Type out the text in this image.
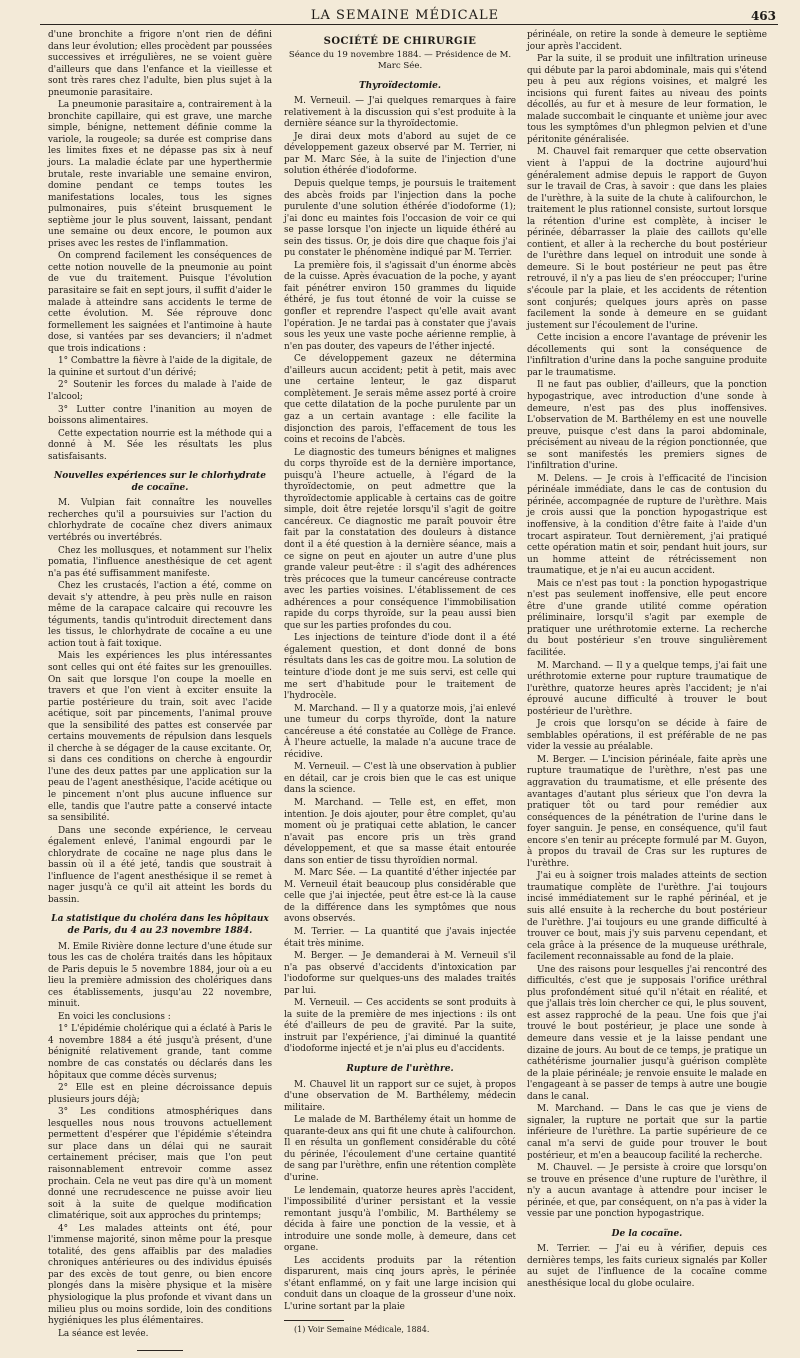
LA SEMAINE MÉDICALE	463

d'une bronchite a frigore n'ont rien de défini dans leur évolution; elles procèdent par poussées successives et irrégulières, ne se voient guère d'ailleurs que dans l'enfance et la vieillesse et sont très rares chez l'adulte, bien plus sujet à la pneumonie parasitaire.

La pneumonie parasitaire a, contrairement à la bronchite capillaire, qui est grave, une marche simple, bénigne, nettement définie comme la variole, la rougeole; sa durée est comprise dans les limites fixes et ne dépasse pas six à neuf jours. La maladie éclate par une hyperthermie brutale, reste invariable une semaine environ, domine pendant ce temps toutes les manifestations locales, tous les signes pulmonaires, puis s'éteint brusquement le septième jour le plus souvent, laissant, pendant une semaine ou deux encore, le poumon aux prises avec les restes de l'inflammation.

On comprend facilement les conséquences de cette notion nouvelle de la pneumonie au point de vue du traitement. Puisque l'évolution parasitaire se fait en sept jours, il suffit d'aider le malade à atteindre sans accidents le terme de cette évolution. M. Sée réprouve donc formellement les saignées et l'antimoine à haute dose, si vantées par ses devanciers; il n'admet que trois indications :

1° Combattre la fièvre à l'aide de la digitale, de la quinine et surtout d'un dérivé;

2° Soutenir les forces du malade à l'aide de l'alcool;

3° Lutter contre l'inanition au moyen de boissons alimentaires.

Cette expectation nourrie est la méthode qui a donné à M. Sée les résultats les plus satisfaisants.

Nouvelles expériences sur le chlorhydrate de cocaïne.

M. Vulpian fait connaître les nouvelles recherches qu'il a poursuivies sur l'action du chlorhydrate de cocaïne chez divers animaux vertébrés ou invertébrés.

Chez les mollusques, et notamment sur l'helix pomatia, l'influence anesthésique de cet agent n'a pas été suffisamment manifeste.

Chez les crustacés, l'action a été, comme on devait s'y attendre, à peu près nulle en raison même de la carapace calcaire qui recouvre les téguments, tandis qu'introduit directement dans les tissus, le chlorhydrate de cocaïne a eu une action tout à fait toxique.

Mais les expériences les plus intéressantes sont celles qui ont été faites sur les grenouilles. On sait que lorsque l'on coupe la moelle en travers et que l'on vient à exciter ensuite la partie postérieure du train, soit avec l'acide acétique, soit par pincements, l'animal prouve que la sensibilité des pattes est conservée par certains mouvements de répulsion dans lesquels il cherche à se dégager de la cause excitante. Or, si dans ces conditions on cherche à engourdir l'une des deux pattes par une application sur la peau de l'agent anesthésique, l'acide acétique ou le pincement n'ont plus aucune influence sur elle, tandis que l'autre patte a conservé intacte sa sensibilité.

Dans une seconde expérience, le cerveau également enlevé, l'animal engourdi par le chlorydrate de cocaïne ne nage plus dans le bassin où il a été jeté, tandis que soustrait à l'influence de l'agent anesthésique il se remet à nager jusqu'à ce qu'il ait atteint les bords du bassin.

La statistique du choléra dans les hôpitaux de Paris, du 4 au 23 novembre 1884.

M. Emile Rivière donne lecture d'une étude sur tous les cas de choléra traités dans les hôpitaux de Paris depuis le 5 novembre 1884, jour où a eu lieu la première admission des cholériques dans ces établissements, jusqu'au 22 novembre, minuit.

En voici les conclusions :

1° L'épidémie cholérique qui a éclaté à Paris le 4 novembre 1884 a été jusqu'à présent, d'une bénignité relativement grande, tant comme nombre de cas constatés ou déclarés dans les hôpitaux que comme décès survenus;

2° Elle est en pleine décroissance depuis plusieurs jours déjà;

3° Les conditions atmosphériques dans lesquelles nous nous trouvons actuellement permettent d'espérer que l'épidémie s'éteindra sur place dans un délai qui ne saurait certainement préciser, mais que l'on peut raisonnablement entrevoir comme assez prochain. Cela ne veut pas dire qu'à un moment donné une recrudescence ne puisse avoir lieu soit à la suite de quelque modification climatérique, soit aux approches du printemps;

4° Les malades atteints ont été, pour l'immense majorité, sinon même pour la presque totalité, des gens affaiblis par des maladies chroniques antérieures ou des individus épuisés par des excès de tout genre, ou bien encore plongés dans la misère physique et la misère physiologique la plus profonde et vivant dans un milieu plus ou moins sordide, loin des conditions hygiéniques les plus élémentaires.

La séance est levée.

SOCIÉTÉ DE CHIRURGIE
Séance du 19 novembre 1884. — Présidence de M. Marc Sée.
Thyroïdectomie.

M. Verneuil. — J'ai quelques remarques à faire relativement à la discussion qui s'est produite à la dernière séance sur la thyroïdectomie.

Je dirai deux mots d'abord au sujet de ce développement gazeux observé par M. Terrier, ni par M. Marc Sée, à la suite de l'injection d'une solution éthérée d'iodoforme.

Depuis quelque temps, je poursuis le traitement des abcès froids par l'injection dans la poche purulente d'une solution éthérée d'iodoforme (1); j'ai donc eu maintes fois l'occasion de voir ce qui se passe lorsque l'on injecte un liquide éthéré au sein des tissus. Or, je dois dire que chaque fois j'ai pu constater le phénomène indiqué par M. Terrier.

La première fois, il s'agissait d'un énorme abcès de la cuisse. Après évacuation de la poche, y ayant fait pénétrer environ 150 grammes du liquide éthéré, je fus tout étonné de voir la cuisse se gonfler et reprendre l'aspect qu'elle avait avant l'opération. Je ne tardai pas à constater que j'avais sous les yeux une vaste poche aérienne remplie, à n'en pas douter, des vapeurs de l'éther injecté.

Ce développement gazeux ne détermina d'ailleurs aucun accident; petit à petit, mais avec une certaine lenteur, le gaz disparut complètement. Je serais même assez porté à croire que cette dilatation de la poche purulente par un gaz a un certain avantage : elle facilite la disjonction des parois, l'effacement de tous les coins et recoins de l'abcès.

Le diagnostic des tumeurs bénignes et malignes du corps thyroïde est de la dernière importance, puisqu'à l'heure actuelle, à l'égard de la thyroïdectomie, on peut admettre que la thyroïdectomie applicable à certains cas de goitre simple, doit être rejetée lorsqu'il s'agit de goitre cancéreux. Ce diagnostic me paraît pouvoir être fait par la constatation des douleurs à distance dont il a été question à la dernière séance, mais a ce signe on peut en ajouter un autre d'une plus grande valeur peut-être : il s'agit des adhérences très précoces que la tumeur cancéreuse contracte avec les parties voisines. L'établissement de ces adhérences a pour conséquence l'immobilisation rapide du corps thyroïde, sur la peau aussi bien que sur les parties profondes du cou.

Les injections de teinture d'iode dont il a été également question, et dont donné de bons résultats dans les cas de goitre mou. La solution de teinture d'iode dont je me suis servi, est celle qui me sert d'habitude pour le traitement de l'hydrocèle.

M. Marchand. — Il y a quatorze mois, j'ai enlevé une tumeur du corps thyroïde, dont la nature cancéreuse a été constatée au Collège de France. À l'heure actuelle, la malade n'a aucune trace de récidive.

M. Verneuil. — C'est là une observation à publier en détail, car je crois bien que le cas est unique dans la science.

M. Marchand. — Telle est, en effet, mon intention. Je dois ajouter, pour être complet, qu'au moment où je pratiquai cette ablation, le cancer n'avait pas encore pris un très grand développement, et que sa masse était entourée dans son entier de tissu thyroïdien normal.

M. Marc Sée. — La quantité d'éther injectée par M. Verneuil était beaucoup plus considérable que celle que j'ai injectée, peut être est-ce là la cause de la différence dans les symptômes que nous avons observés.

M. Terrier. — La quantité que j'avais injectée était très minime.

M. Berger. — Je demanderai à M. Verneuil s'il n'a pas observé d'accidents d'intoxication par l'iodoforme sur quelques-uns des malades traités par lui.

M. Verneuil. — Ces accidents se sont produits à la suite de la première de mes injections : ils ont été d'ailleurs de peu de gravité. Par la suite, instruit par l'expérience, j'ai diminué la quantité d'iodoforme injecté et je n'ai plus eu d'accidents.

Rupture de l'urèthre.

M. Chauvel lit un rapport sur ce sujet, à propos d'une observation de M. Barthélemy, médecin militaire.

Le malade de M. Barthélemy était un homme de quarante-deux ans qui fit une chute à califourchon. Il en résulta un gonflement considérable du côté du périnée, l'écoulement d'une certaine quantité de sang par l'urèthre, enfin une rétention complète d'urine.

Le lendemain, quatorze heures après l'accident, l'impossibilité d'uriner persistant et la vessie remontant jusqu'à l'ombilic, M. Barthélemy se décida à faire une ponction de la vessie, et à introduire une sonde molle, à demeure, dans cet organe.

Les accidents produits par la rétention disparurent, mais cinq jours après, le périnée s'étant enflammé, on y fait une large incision qui conduit dans un cloaque de la grosseur d'une noix. L'urine sortant par la plaie

(1) Voir Semaine Médicale, 1884.

périnéale, on retire la sonde à demeure le septième jour après l'accident.

Par la suite, il se produit une infiltration urineuse qui débute par la paroi abdominale, mais qui s'étend peu à peu aux régions voisines, et malgré les incisions qui furent faites au niveau des points décollés, au fur et à mesure de leur formation, le malade succombait le cinquante et unième jour avec tous les symptômes d'un phlegmon pelvien et d'une péritonite généralisée.

M. Chauvel fait remarquer que cette observation vient à l'appui de la doctrine aujourd'hui généralement admise depuis le rapport de Guyon sur le travail de Cras, à savoir : que dans les plaies de l'urèthre, à la suite de la chute à califourchon, le traitement le plus rationnel consiste, surtout lorsque la rétention d'urine est complète, à inciser le périnée, débarrasser la plaie des caillots qu'elle contient, et aller à la recherche du bout postérieur de l'urèthre dans lequel on introduit une sonde à demeure. Si le bout postérieur ne peut pas être retrouvé, il n'y a pas lieu de s'en préoccuper; l'urine s'écoule par la plaie, et les accidents de rétention sont conjurés; quelques jours après on passe facilement la sonde à demeure en se guidant justement sur l'écoulement de l'urine.

Cette incision a encore l'avantage de prévenir les décollements qui sont la conséquence de l'infiltration d'urine dans la poche sanguine produite par le traumatisme.

Il ne faut pas oublier, d'ailleurs, que la ponction hypogastrique, avec introduction d'une sonde à demeure, n'est pas des plus inoffensives. L'observation de M. Barthélemy en est une nouvelle preuve, puisque c'est dans la paroi abdominale, précisément au niveau de la région ponctionnée, que se sont manifestés les premiers signes de l'infiltration d'urine.

M. Delens. — Je crois à l'efficacité de l'incision périnéale immédiate, dans le cas de contusion du périnée, accompagnée de rupture de l'urèthre. Mais je crois aussi que la ponction hypogastrique est inoffensive, à la condition d'être faite à l'aide d'un trocart aspirateur. Tout dernièrement, j'ai pratiqué cette opération matin et soir, pendant huit jours, sur un homme atteint de rétrécissement non traumatique, et je n'ai eu aucun accident.

Mais ce n'est pas tout : la ponction hypogastrique n'est pas seulement inoffensive, elle peut encore être d'une grande utilité comme opération préliminaire, lorsqu'il s'agit par exemple de pratiquer une uréthrotomie externe. La recherche du bout postérieur s'en trouve singulièrement facilitée.

M. Marchand. — Il y a quelque temps, j'ai fait une uréthrotomie externe pour rupture traumatique de l'urèthre, quatorze heures après l'accident; je n'ai éprouvé aucune difficulté à trouver le bout postérieur de l'urèthre.

Je crois que lorsqu'on se décide à faire de semblables opérations, il est préférable de ne pas vider la vessie au préalable.

M. Berger. — L'incision périnéale, faite après une rupture traumatique de l'urèthre, n'est pas une aggravation du traumatisme, et elle présente des avantages d'autant plus sérieux que l'on devra la pratiquer tôt ou tard pour remédier aux conséquences de la pénétration de l'urine dans le foyer sanguin. Je pense, en conséquence, qu'il faut encore s'en tenir au précepte formulé par M. Guyon, à propos du travail de Cras sur les ruptures de l'urèthre.

J'ai eu à soigner trois malades atteints de section traumatique complète de l'urèthre. J'ai toujours incisé immédiatement sur le raphé périnéal, et je suis allé ensuite à la recherche du bout postérieur de l'urèthre. J'ai toujours eu une grande difficulté à trouver ce bout, mais j'y suis parvenu cependant, et cela grâce à la présence de la muqueuse uréthrale, facilement reconnaissable au fond de la plaie.

Une des raisons pour lesquelles j'ai rencontré des difficultés, c'est que je supposais l'orifice uréthral plus profondément situé qu'il n'était en réalité, et que j'allais très loin chercher ce qui, le plus souvent, est assez rapproché de la peau. Une fois que j'ai trouvé le bout postérieur, je place une sonde à demeure dans vessie et je la laisse pendant une dizaine de jours. Au bout de ce temps, je pratique un cathétérisme journalier jusqu'à guérison complète de la plaie périnéale; je renvoie ensuite le malade en l'engageant à se passer de temps à autre une bougie dans le canal.

M. Marchand. — Dans le cas que je viens de signaler, la rupture ne portait que sur la partie inférieure de l'urèthre. La partie supérieure de ce canal m'a servi de guide pour trouver le bout postérieur, et m'en a beaucoup facilité la recherche.

M. Chauvel. — Je persiste à croire que lorsqu'on se trouve en présence d'une rupture de l'urèthre, il n'y a aucun avantage à attendre pour inciser le périnée, et que, par conséquent, on n'a pas à vider la vessie par une ponction hypogastrique.

De la cocaïne.

M. Terrier. — J'ai eu à vérifier, depuis ces dernières temps, les faits curieux signalés par Koller au sujet de l'influence de la cocaïne comme anesthésique local du globe oculaire.
